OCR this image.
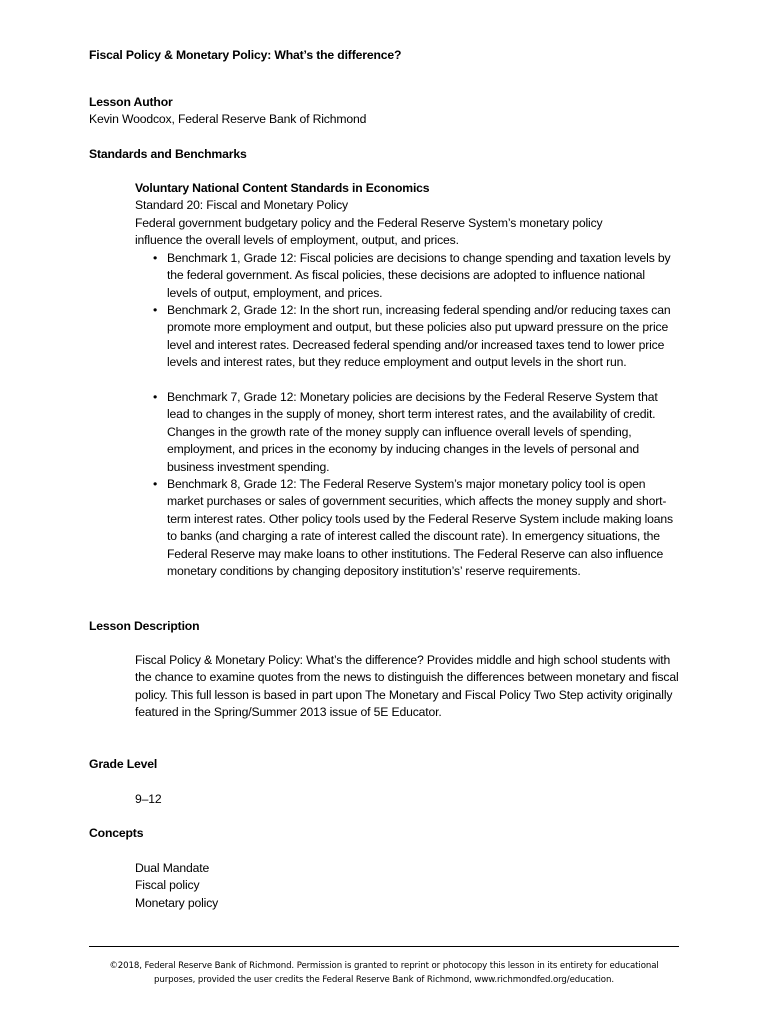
Fiscal Policy & Monetary Policy: What’s the difference?

Lesson Author

Kevin Woodcox, Federal Reserve Bank of Richmond

Standards and Benchmarks

Voluntary National Content Standards in Economics

Standard 20: Fiscal and Monetary Policy

Federal government budgetary policy and the Federal Reserve System’s monetary policy influence the overall levels of employment, output, and prices.

• Benchmark 1, Grade 12: Fiscal policies are decisions to change spending and taxation levels by the federal government. As fiscal policies, these decisions are adopted to influence national levels of output, employment, and prices.
• Benchmark 2, Grade 12: In the short run, increasing federal spending and/or reducing taxes can promote more employment and output, but these policies also put upward pressure on the price level and interest rates. Decreased federal spending and/or increased taxes tend to lower price levels and interest rates, but they reduce employment and output levels in the short run.
• Benchmark 7, Grade 12: Monetary policies are decisions by the Federal Reserve System that lead to changes in the supply of money, short term interest rates, and the availability of credit. Changes in the growth rate of the money supply can influence overall levels of spending, employment, and prices in the economy by inducing changes in the levels of personal and business investment spending.
• Benchmark 8, Grade 12: The Federal Reserve System’s major monetary policy tool is open market purchases or sales of government securities, which affects the money supply and short-term interest rates. Other policy tools used by the Federal Reserve System include making loans to banks (and charging a rate of interest called the discount rate). In emergency situations, the Federal Reserve may make loans to other institutions. The Federal Reserve can also influence monetary conditions by changing depository institution’s’ reserve requirements.

Lesson Description

Fiscal Policy & Monetary Policy: What’s the difference? Provides middle and high school students with the chance to examine quotes from the news to distinguish the differences between monetary and fiscal policy. This full lesson is based in part upon The Monetary and Fiscal Policy Two Step activity originally featured in the Spring/Summer 2013 issue of 5E Educator.

Grade Level

9–12

Concepts

Dual Mandate
Fiscal policy
Monetary policy

©2018, Federal Reserve Bank of Richmond. Permission is granted to reprint or photocopy this lesson in its entirety for educational purposes, provided the user credits the Federal Reserve Bank of Richmond, www.richmondfed.org/education.
